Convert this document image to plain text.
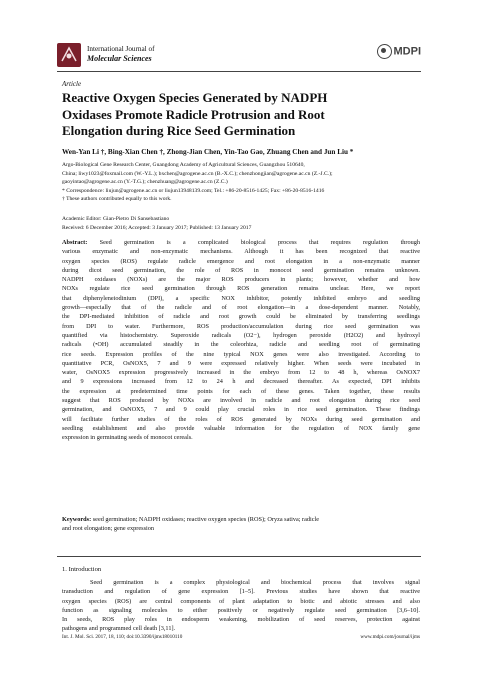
International Journal of
Molecular Sciences
MDPI
Article
Reactive Oxygen Species Generated by NADPH
Oxidases Promote Radicle Protrusion and Root
Elongation during Rice Seed Germination
Wen-Yan Li †, Bing-Xian Chen †, Zhong-Jian Chen, Yin-Tao Gao, Zhuang Chen and Jun Liu *
Argo-Biological Gene Research Center, Guangdong Academy of Agricultural Sciences, Guangzhou 510640,
China; liwy1023@foxmail.com (W.-Y.L.); bxchen@agrogene.ac.cn (B.-X.C.); chenzhongjian@agrogene.ac.cn (Z.-J.C.);
gaoyintao@agrogene.ac.cn (Y.-T.G.); chenzhuang@agrogene.ac.cn (Z.C.)
* Correspondence: liujun@agrogene.ac.cn or liujun13948139.com; Tel.: +86-20-8516-1425; Fax: +86-20-8516-1416
† These authors contributed equally to this work.
Academic Editor: Gian-Pietro Di Sansebastiano
Received: 6 December 2016; Accepted: 3 January 2017; Published: 13 January 2017
Abstract: Seed germination is a complicated biological process that requires regulation through
various enzymatic and non-enzymatic mechanisms. Although it has been recognized that reactive
oxygen species (ROS) regulate radicle emergence and root elongation in a non-enzymatic manner
during dicot seed germination, the role of ROS in monocot seed germination remains unknown.
NADPH oxidases (NOXs) are the major ROS producers in plants; however, whether and how
NOXs regulate rice seed germination through ROS generation remains unclear. Here, we report
that diphenyleneiodinium (DPI), a specific NOX inhibitor, potently inhibited embryo and seedling
growth—especially that of the radicle and of root elongation—in a dose-dependent manner. Notably,
the DPI-mediated inhibition of radicle and root growth could be eliminated by transferring seedlings
from DPI to water. Furthermore, ROS production/accumulation during rice seed germination was
quantified via histochemistry. Superoxide radicals (O2−), hydrogen peroxide (H2O2) and hydroxyl
radicals (•OH) accumulated steadily in the coleorhiza, radicle and seedling root of germinating
rice seeds. Expression profiles of the nine typical NOX genes were also investigated. According to
quantitative PCR, OsNOX5, 7 and 9 were expressed relatively higher. When seeds were incubated in
water, OsNOX5 expression progressively increased in the embryo from 12 to 48 h, whereas OsNOX7
and 9 expressions increased from 12 to 24 h and decreased thereafter. As expected, DPI inhibits
the expression at predetermined time points for each of these genes. Taken together, these results
suggest that ROS produced by NOXs are involved in radicle and root elongation during rice seed
germination, and OsNOX5, 7 and 9 could play crucial roles in rice seed germination. These findings
will facilitate further studies of the roles of ROS generated by NOXs during seed germination and
seedling establishment and also provide valuable information for the regulation of NOX family gene
expression in germinating seeds of monocot cereals.
Keywords: seed germination; NADPH oxidases; reactive oxygen species (ROS); Oryza sativa; radicle
and root elongation; gene expression
1. Introduction
Seed germination is a complex physiological and biochemical process that involves signal
transduction and regulation of gene expression [1–5]. Previous studies have shown that reactive
oxygen species (ROS) are central components of plant adaptation to biotic and abiotic stresses and also
function as signaling molecules to either positively or negatively regulate seed germination [3,6–10].
In seeds, ROS play roles in endosperm weakening, mobilization of seed reserves, protection against
pathogens and programmed cell death [3,11].
Int. J. Mol. Sci. 2017, 18, 110; doi:10.3390/ijms18010110	www.mdpi.com/journal/ijms
